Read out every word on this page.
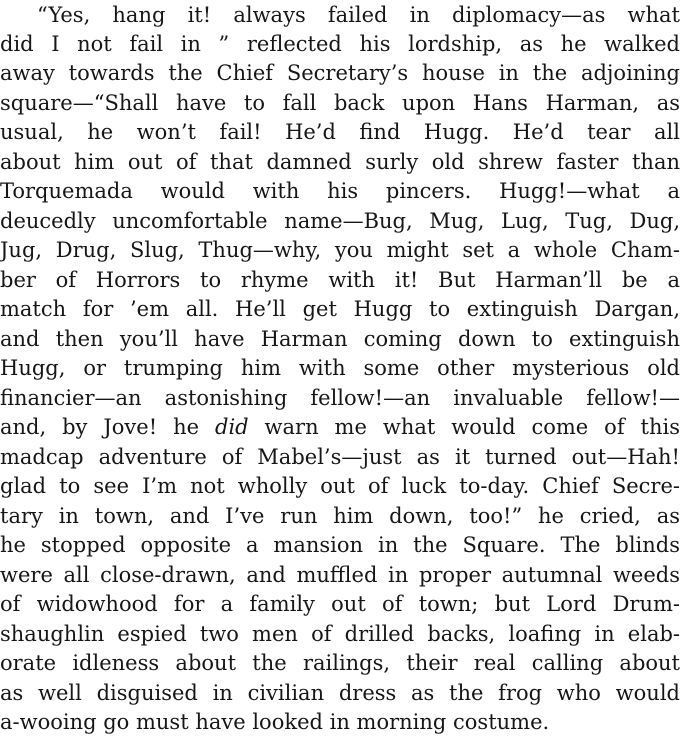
“Yes, hang it! always failed in diplomacy—as what
did I not fail in ” reflected his lordship, as he walked
away towards the Chief Secretary’s house in the adjoining
square—“Shall have to fall back upon Hans Harman, as
usual, he won’t fail! He’d find Hugg. He’d tear all
about him out of that damned surly old shrew faster than
Torquemada would with his pincers. Hugg!—what a
deucedly uncomfortable name—Bug, Mug, Lug, Tug, Dug,
Jug, Drug, Slug, Thug—why, you might set a whole Cham-
ber of Horrors to rhyme with it! But Harman’ll be a
match for ’em all. He’ll get Hugg to extinguish Dargan,
and then you’ll have Harman coming down to extinguish
Hugg, or trumping him with some other mysterious old
financier—an astonishing fellow!—an invaluable fellow!—
and, by Jove! he did warn me what would come of this
madcap adventure of Mabel’s—just as it turned out—Hah!
glad to see I’m not wholly out of luck to-day. Chief Secre-
tary in town, and I’ve run him down, too!” he cried, as
he stopped opposite a mansion in the Square. The blinds
were all close-drawn, and muffled in proper autumnal weeds
of widowhood for a family out of town; but Lord Drum-
shaughlin espied two men of drilled backs, loafing in elab-
orate idleness about the railings, their real calling about
as well disguised in civilian dress as the frog who would
a-wooing go must have looked in morning costume.
